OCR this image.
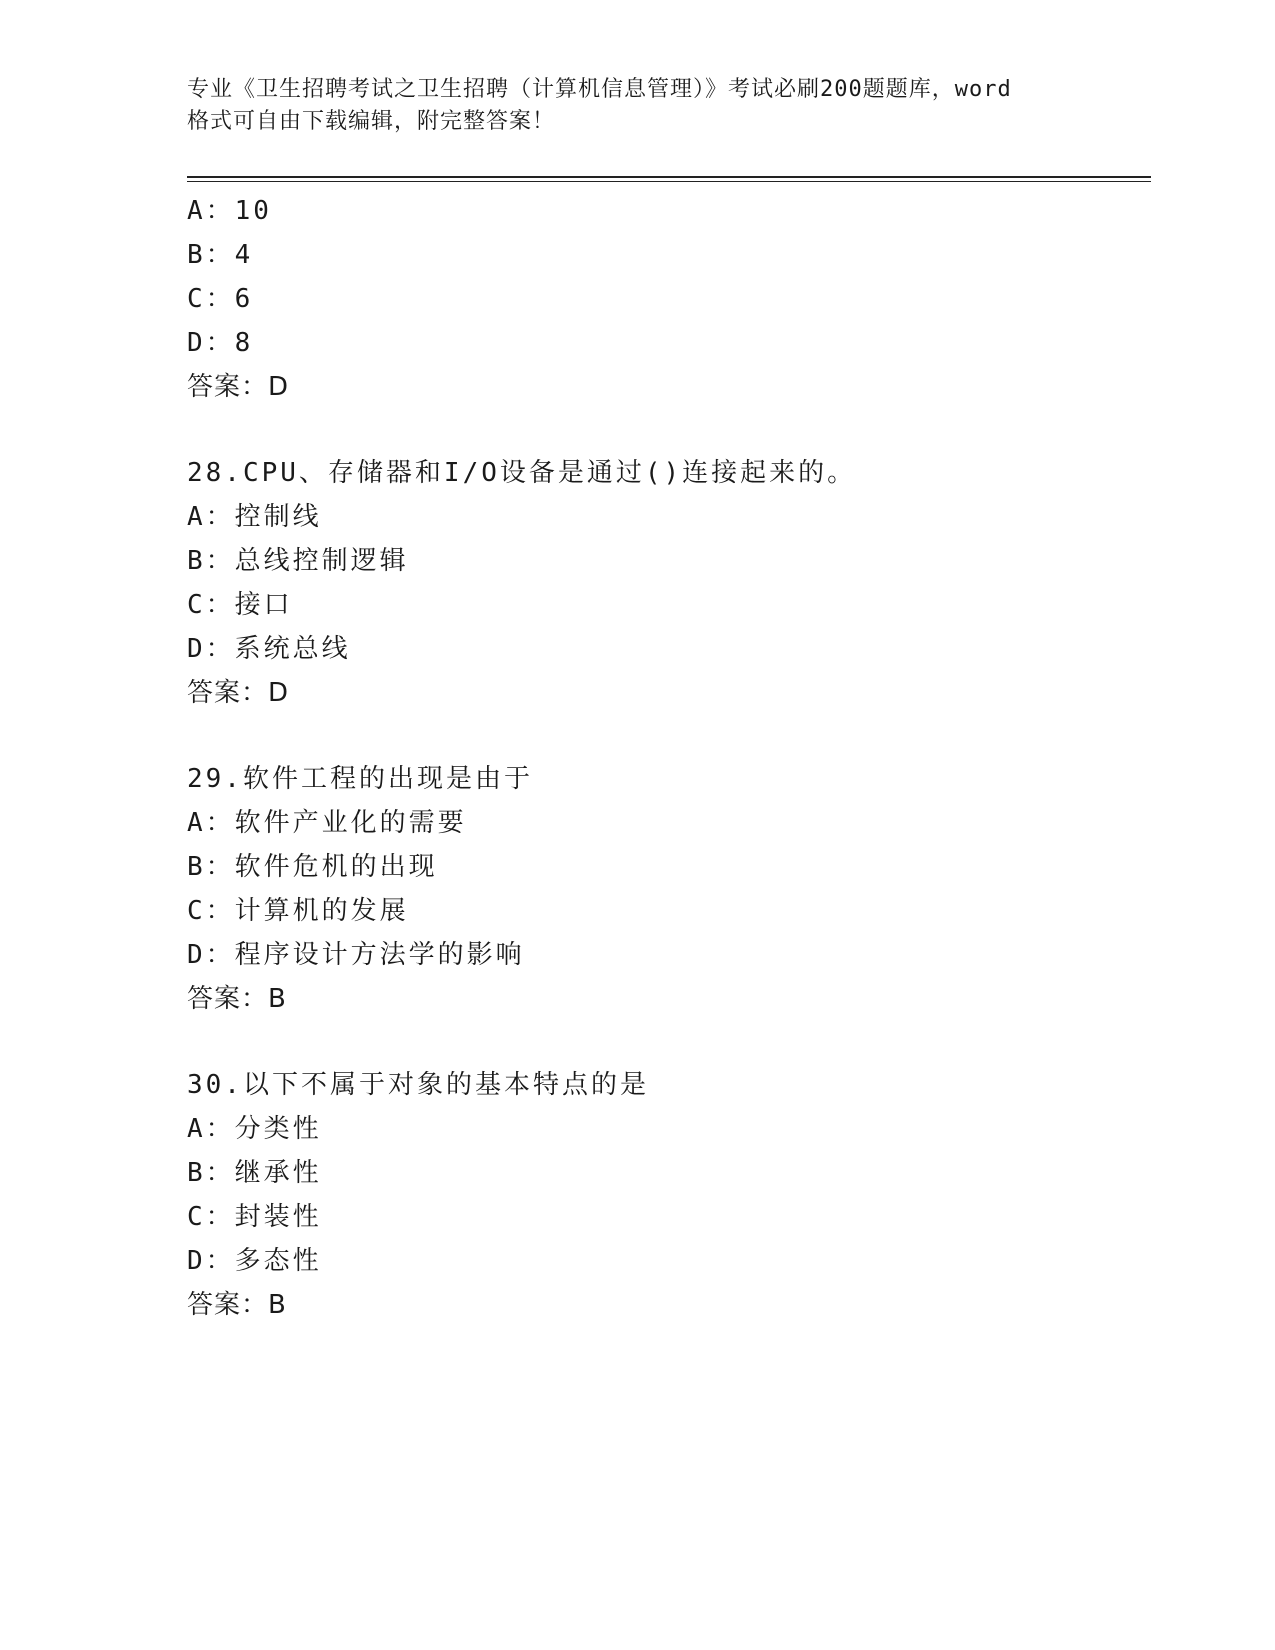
专业《卫生招聘考试之卫生招聘（计算机信息管理）》考试必刷200题题库，word
格式可自由下载编辑，附完整答案！
A：10
B：4
C：6
D：8
答案：D
28.CPU、存储器和I/O设备是通过()连接起来的。
A：控制线
B：总线控制逻辑
C：接口
D：系统总线
答案：D
29.软件工程的出现是由于
A：软件产业化的需要
B：软件危机的出现
C：计算机的发展
D：程序设计方法学的影响
答案：B
30.以下不属于对象的基本特点的是
A：分类性
B：继承性
C：封装性
D：多态性
答案：B
